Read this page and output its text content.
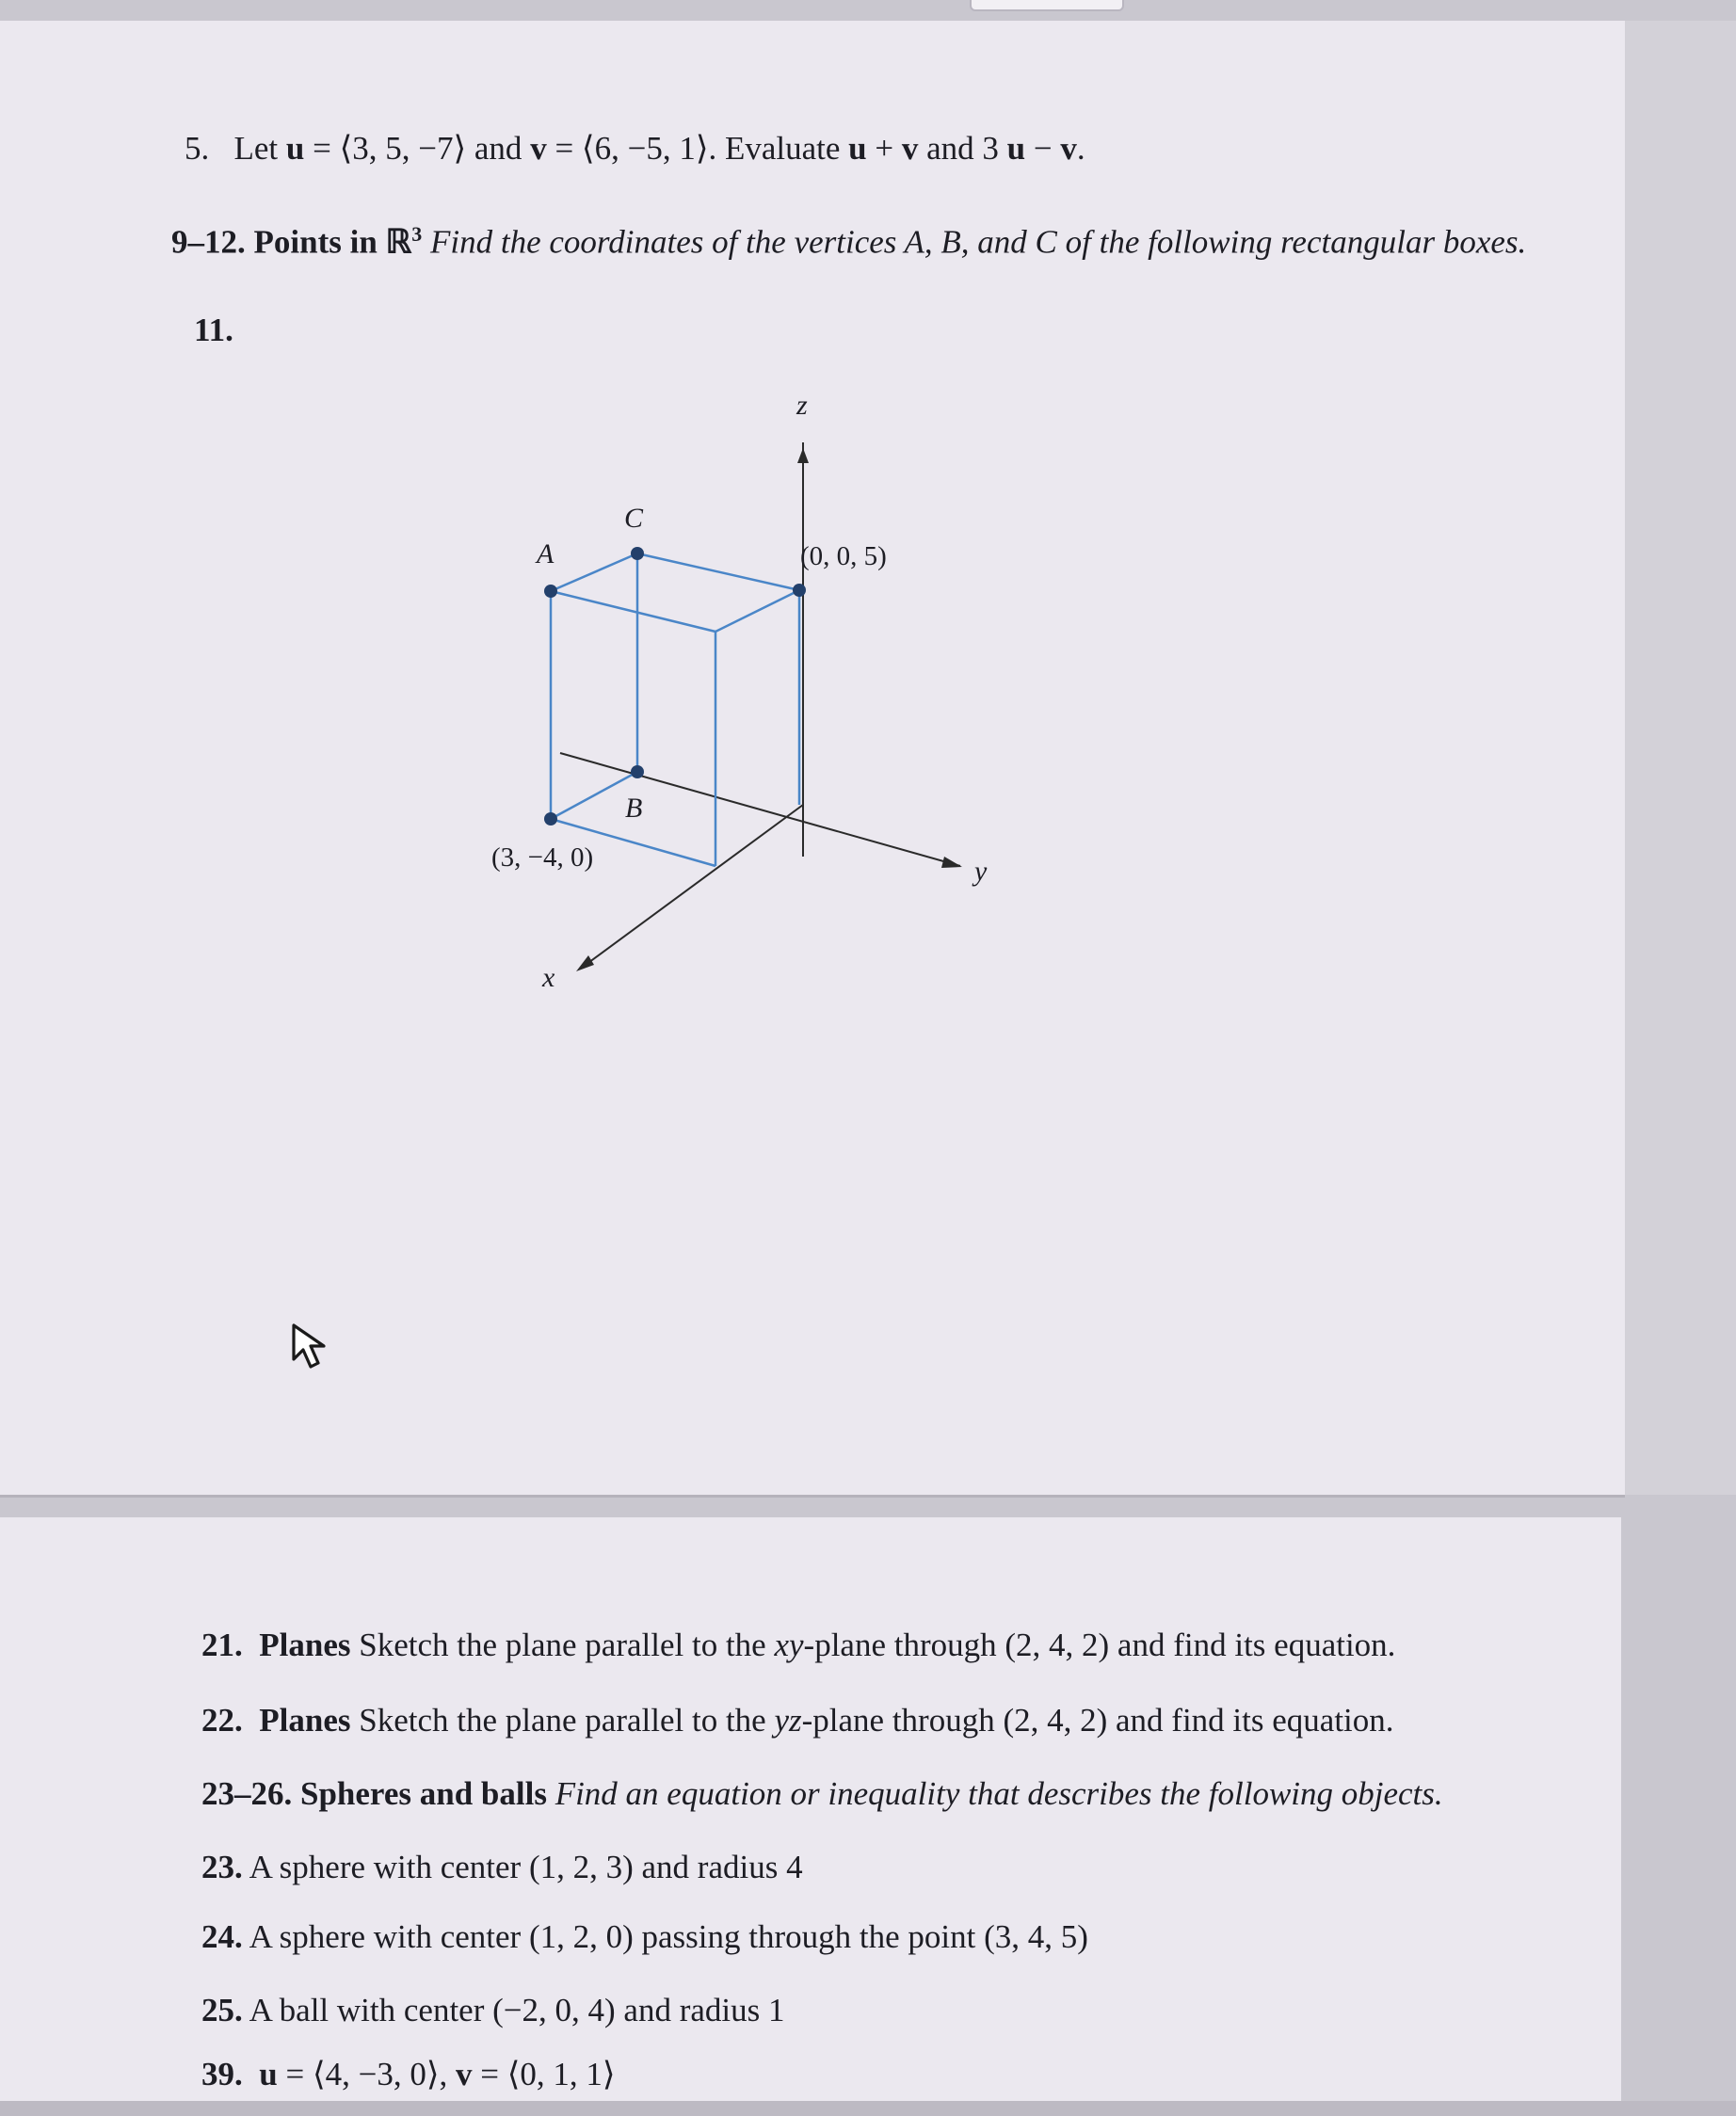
5. Let u = ⟨3, 5, −7⟩ and v = ⟨6, −5, 1⟩. Evaluate u + v and 3 u − v.
9–12. Points in ℝ$^3$ Find the coordinates of the vertices A, B, and C of the following rectangular boxes.
11.
z
y
x
A
C
B
(0, 0, 5)
(3, −4, 0)
21. Planes Sketch the plane parallel to the xy-plane through (2, 4, 2) and find its equation.
22. Planes Sketch the plane parallel to the yz-plane through (2, 4, 2) and find its equation.
23–26. Spheres and balls Find an equation or inequality that describes the following objects.
23. A sphere with center (1, 2, 3) and radius 4
24. A sphere with center (1, 2, 0) passing through the point (3, 4, 5)
25. A ball with center (−2, 0, 4) and radius 1
39. u = ⟨4, −3, 0⟩, v = ⟨0, 1, 1⟩
